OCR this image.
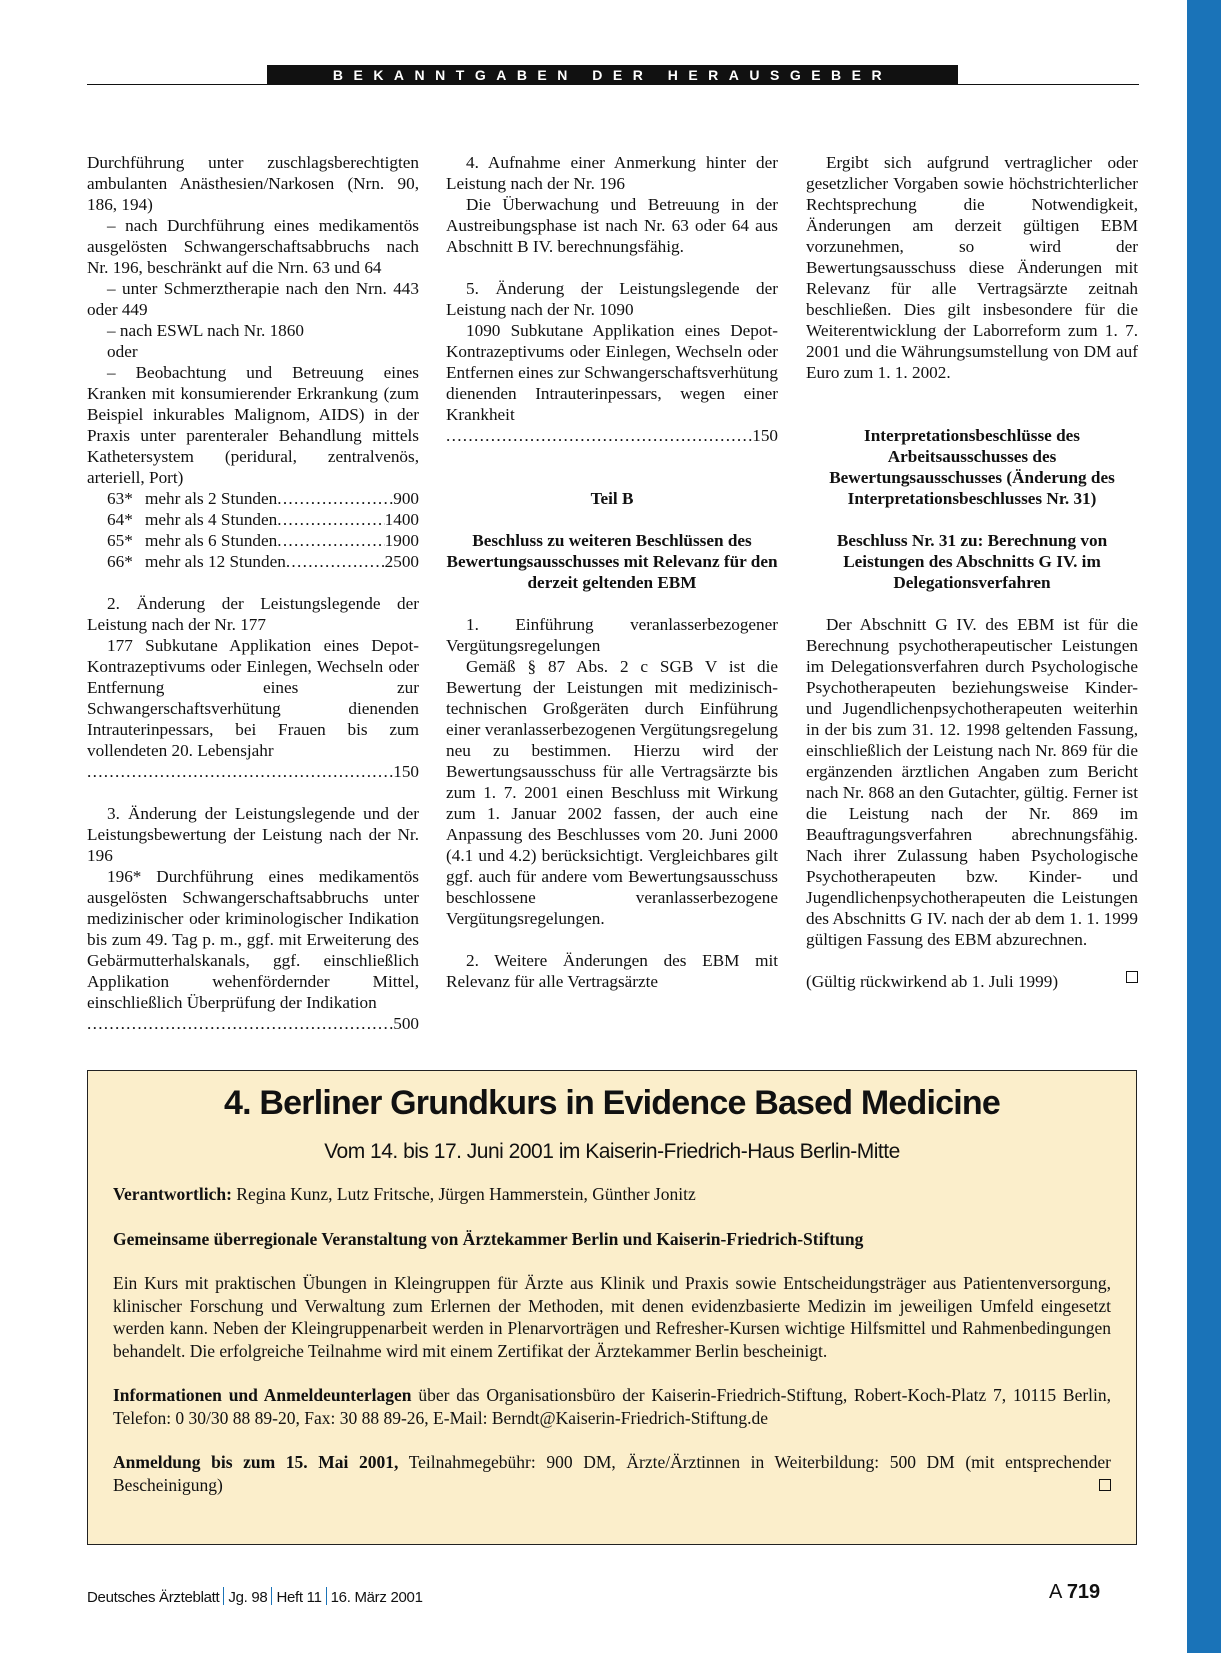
BEKANNTGABEN DER HERAUSGEBER

Durchführung unter zuschlagsberechtigten ambulanten Anästhesien/Narkosen (Nrn. 90, 186, 194)

– nach Durchführung eines medikamentös ausgelösten Schwangerschaftsabbruchs nach Nr. 196, beschränkt auf die Nrn. 63 und 64

– unter Schmerztherapie nach den Nrn. 443 oder 449

– nach ESWL nach Nr. 1860

oder

– Beobachtung und Betreuung eines Kranken mit konsumierender Erkrankung (zum Beispiel inkurables Malignom, AIDS) in der Praxis unter parenteraler Behandlung mittels Kathetersystem (peridural, zentralvenös, arteriell, Port)

63* mehr als 2 Stunden . . .	900
64* mehr als 4 Stunden . . .	1400
65* mehr als 6 Stunden . . .	1900
66* mehr als 12 Stunden . . .	2500

2. Änderung der Leistungslegende der Leistung nach der Nr. 177

177 Subkutane Applikation eines Depot-Kontrazeptivums oder Einlegen, Wechseln oder Entfernung eines zur Schwangerschaftsverhütung dienenden Intrauterinpessars, bei Frauen bis zum vollendeten 20. Lebensjahr

. . .
150

3. Änderung der Leistungslegende und der Leistungsbewertung der Leistung nach der Nr. 196

196* Durchführung eines medikamentös ausgelösten Schwangerschaftsabbruchs unter medizinischer oder kriminologischer Indikation bis zum 49. Tag p. m., ggf. mit Erweiterung des Gebärmutterhalskanals, ggf. einschließlich Applikation wehenfördernder Mittel, einschließlich Überprüfung der Indikation

. . .
500

4. Aufnahme einer Anmerkung hinter der Leistung nach der Nr. 196

Die Überwachung und Betreuung in der Austreibungsphase ist nach Nr. 63 oder 64 aus Abschnitt B IV. berechnungsfähig.

5. Änderung der Leistungslegende der Leistung nach der Nr. 1090

1090 Subkutane Applikation eines Depot-Kontrazeptivums oder Einlegen, Wechseln oder Entfernen eines zur Schwangerschaftsverhütung dienenden Intrauterinpessars, wegen einer Krankheit

. . .
150

Teil B

Beschluss zu weiteren Beschlüssen des Bewertungsausschusses mit Relevanz für den derzeit geltenden EBM

1. Einführung veranlasserbezogener Vergütungsregelungen

Gemäß § 87 Abs. 2 c SGB V ist die Bewertung der Leistungen mit medizinisch-technischen Großgeräten durch Einführung einer veranlasserbezogenen Vergütungsregelung neu zu bestimmen. Hierzu wird der Bewertungsausschuss für alle Vertragsärzte bis zum 1. 7. 2001 einen Beschluss mit Wirkung zum 1. Januar 2002 fassen, der auch eine Anpassung des Beschlusses vom 20. Juni 2000 (4.1 und 4.2) berücksichtigt. Vergleichbares gilt ggf. auch für andere vom Bewertungsausschuss beschlossene veranlasserbezogene Vergütungsregelungen.

2. Weitere Änderungen des EBM mit Relevanz für alle Vertragsärzte

Ergibt sich aufgrund vertraglicher oder gesetzlicher Vorgaben sowie höchstrichterlicher Rechtsprechung die Notwendigkeit, Änderungen am derzeit gültigen EBM vorzunehmen, so wird der Bewertungsausschuss diese Änderungen mit Relevanz für alle Vertragsärzte zeitnah beschließen. Dies gilt insbesondere für die Weiterentwicklung der Laborreform zum 1. 7. 2001 und die Währungsumstellung von DM auf Euro zum 1. 1. 2002.

Interpretationsbeschlüsse des Arbeitsausschusses des Bewertungsausschusses (Änderung des Interpretationsbeschlusses Nr. 31)

Beschluss Nr. 31 zu: Berechnung von Leistungen des Abschnitts G IV. im Delegationsverfahren

Der Abschnitt G IV. des EBM ist für die Berechnung psychotherapeutischer Leistungen im Delegationsverfahren durch Psychologische Psychotherapeuten beziehungsweise Kinder- und Jugendlichenpsychotherapeuten weiterhin in der bis zum 31. 12. 1998 geltenden Fassung, einschließlich der Leistung nach Nr. 869 für die ergänzenden ärztlichen Angaben zum Bericht nach Nr. 868 an den Gutachter, gültig. Ferner ist die Leistung nach der Nr. 869 im Beauftragungsverfahren abrechnungsfähig. Nach ihrer Zulassung haben Psychologische Psychotherapeuten bzw. Kinder- und Jugendlichenpsychotherapeuten die Leistungen des Abschnitts G IV. nach der ab dem 1. 1. 1999 gültigen Fassung des EBM abzurechnen.

(Gültig rückwirkend ab 1. Juli 1999)
4. Berliner Grundkurs in Evidence Based Medicine
Vom 14. bis 17. Juni 2001 im Kaiserin-Friedrich-Haus Berlin-Mitte

Verantwortlich: Regina Kunz, Lutz Fritsche, Jürgen Hammerstein, Günther Jonitz

Gemeinsame überregionale Veranstaltung von Ärztekammer Berlin und Kaiserin-Friedrich-Stiftung

Ein Kurs mit praktischen Übungen in Kleingruppen für Ärzte aus Klinik und Praxis sowie Entscheidungsträger aus Patientenversorgung, klinischer Forschung und Verwaltung zum Erlernen der Methoden, mit denen evidenzbasierte Medizin im jeweiligen Umfeld eingesetzt werden kann. Neben der Kleingruppenarbeit werden in Plenarvorträgen und Refresher-Kursen wichtige Hilfsmittel und Rahmenbedingungen behandelt. Die erfolgreiche Teilnahme wird mit einem Zertifikat der Ärztekammer Berlin bescheinigt.

Informationen und Anmeldeunterlagen über das Organisationsbüro der Kaiserin-Friedrich-Stiftung, Robert-Koch-Platz 7, 10115 Berlin, Telefon: 0 30/30 88 89-20, Fax: 30 88 89-26, E-Mail: Berndt@Kaiserin-Friedrich-Stiftung.de

Anmeldung bis zum 15. Mai 2001, Teilnahmegebühr: 900 DM, Ärzte/Ärztinnen in Weiterbildung: 500 DM (mit entsprechender Bescheinigung)

Deutsches Ärzteblatt Jg. 98 Heft 11 16. März 2001	A 719
